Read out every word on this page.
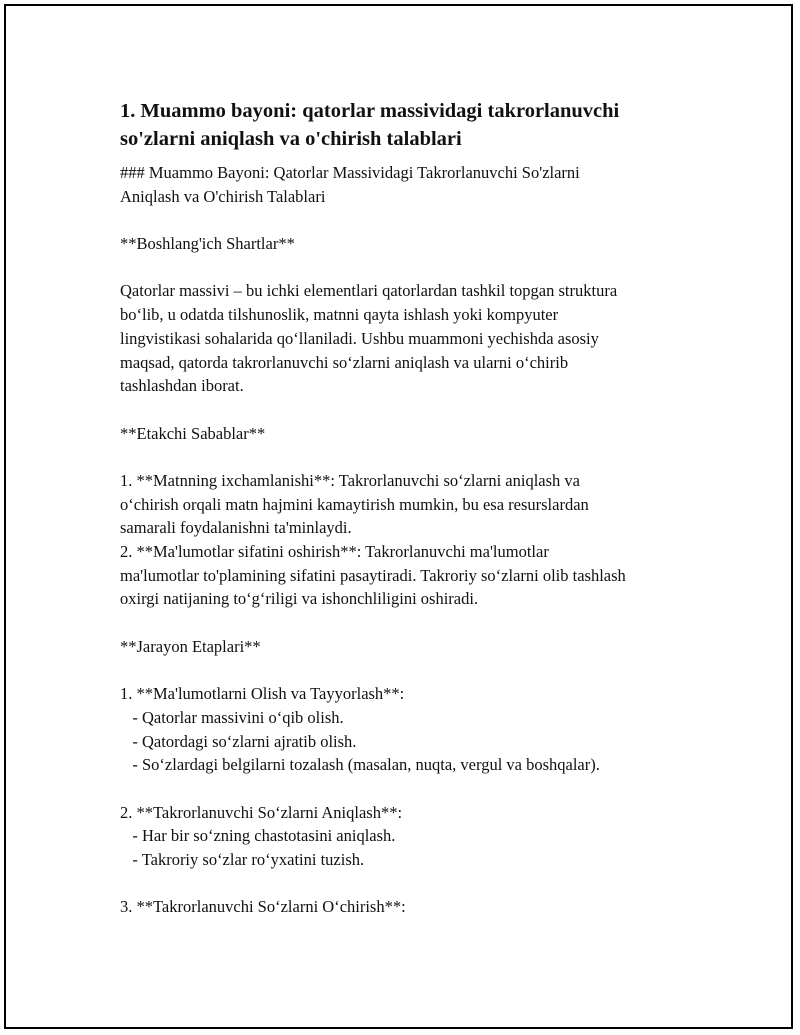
1. Muammo bayoni: qatorlar massividagi takrorlanuvchi
so'zlarni aniqlash va o'chirish talablari
### Muammo Bayoni: Qatorlar Massividagi Takrorlanuvchi So'zlarni
Aniqlash va O'chirish Talablari
**Boshlang'ich Shartlar**
Qatorlar massivi – bu ichki elementlari qatorlardan tashkil topgan struktura
bo‘lib, u odatda tilshunoslik, matnni qayta ishlash yoki kompyuter
lingvistikasi sohalarida qo‘llaniladi. Ushbu muammoni yechishda asosiy
maqsad, qatorda takrorlanuvchi so‘zlarni aniqlash va ularni o‘chirib
tashlashdan iborat.
**Etakchi Sabablar**
1. **Matnning ixchamlanishi**: Takrorlanuvchi so‘zlarni aniqlash va
o‘chirish orqali matn hajmini kamaytirish mumkin, bu esa resurslardan
samarali foydalanishni ta'minlaydi.
2. **Ma'lumotlar sifatini oshirish**: Takrorlanuvchi ma'lumotlar
ma'lumotlar to'plamining sifatini pasaytiradi. Takroriy so‘zlarni olib tashlash
oxirgi natijaning to‘g‘riligi va ishonchliligini oshiradi.
**Jarayon Etaplari**
1. **Ma'lumotlarni Olish va Tayyorlash**:
- Qatorlar massivini o‘qib olish.
- Qatordagi so‘zlarni ajratib olish.
- So‘zlardagi belgilarni tozalash (masalan, nuqta, vergul va boshqalar).
2. **Takrorlanuvchi So‘zlarni Aniqlash**:
- Har bir so‘zning chastotasini aniqlash.
- Takroriy so‘zlar ro‘yxatini tuzish.
3. **Takrorlanuvchi So‘zlarni O‘chirish**:
